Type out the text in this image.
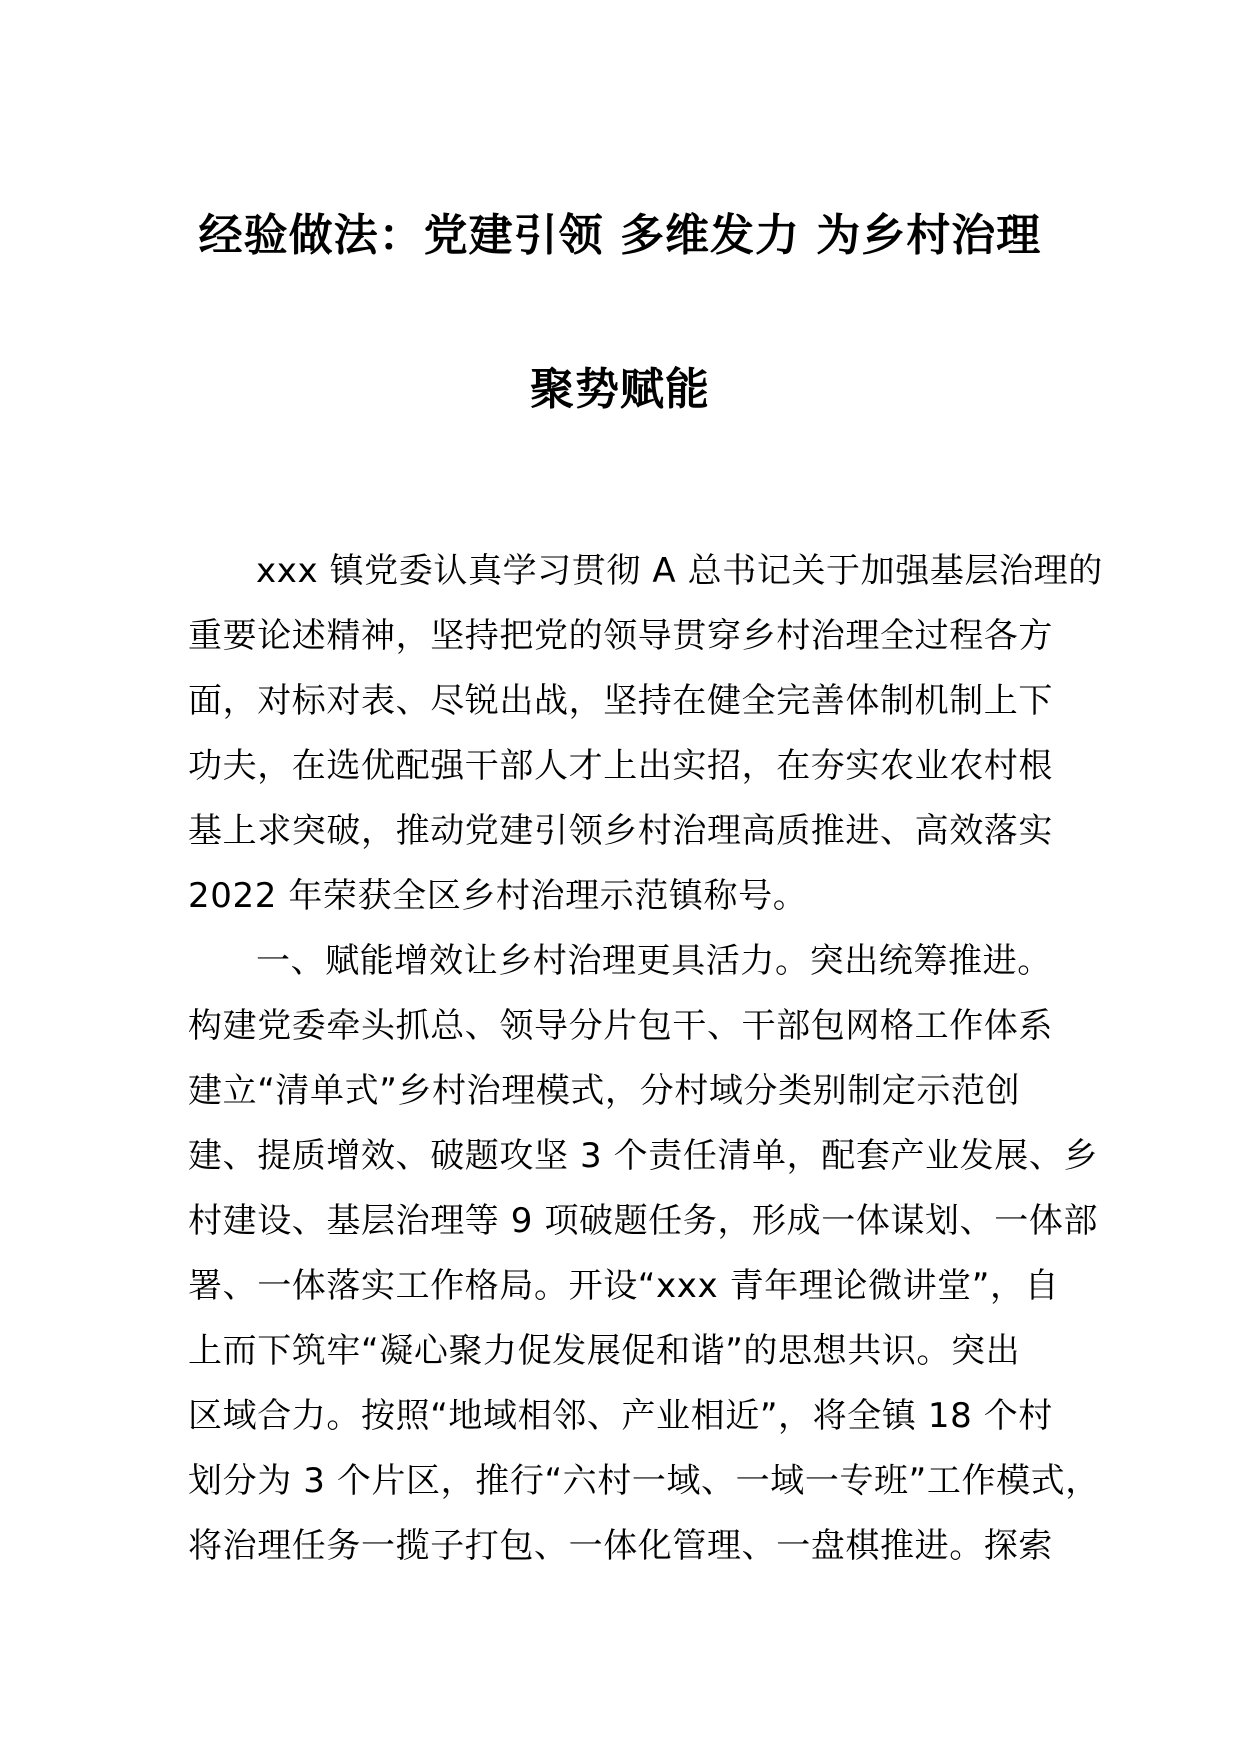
经验做法：党建引领 多维发力 为乡村治理
聚势赋能
xxx 镇党委认真学习贯彻 A 总书记关于加强基层治理的
重要论述精神，坚持把党的领导贯穿乡村治理全过程各方
面，对标对表、尽锐出战，坚持在健全完善体制机制上下
功夫，在选优配强干部人才上出实招，在夯实农业农村根
基上求突破，推动党建引领乡村治理高质推进、高效落实
2022 年荣获全区乡村治理示范镇称号。
一、赋能增效让乡村治理更具活力。突出统筹推进。
构建党委牵头抓总、领导分片包干、干部包网格工作体系
建立“清单式”乡村治理模式，分村域分类别制定示范创
建、提质增效、破题攻坚 3 个责任清单，配套产业发展、乡
村建设、基层治理等 9 项破题任务，形成一体谋划、一体部
署、一体落实工作格局。开设“xxx 青年理论微讲堂”，自
上而下筑牢“凝心聚力促发展促和谐”的思想共识。突出
区域合力。按照“地域相邻、产业相近”，将全镇 18 个村
划分为 3 个片区，推行“六村一域、一域一专班”工作模式，
将治理任务一揽子打包、一体化管理、一盘棋推进。探索
